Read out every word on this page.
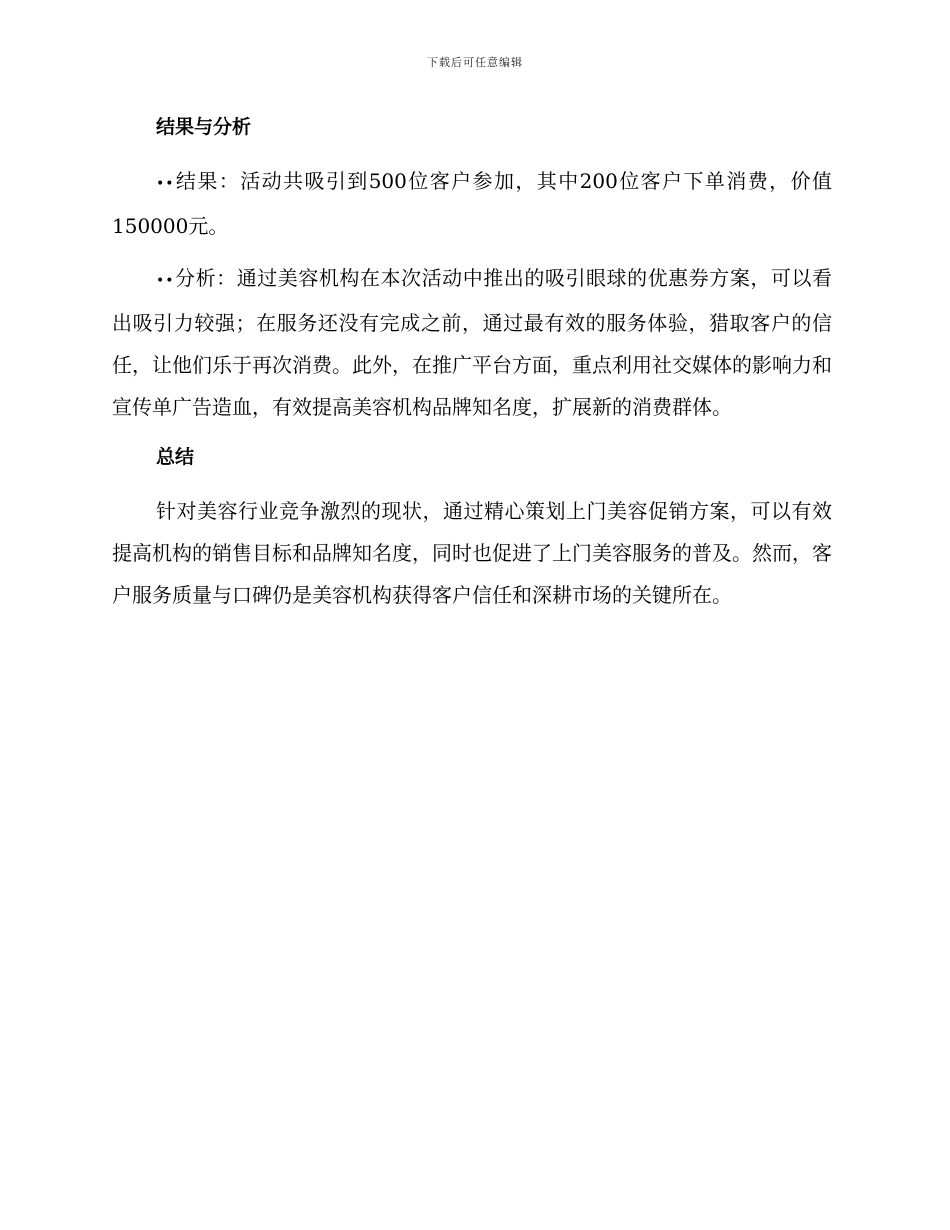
下载后可任意编辑
结果与分析

••结果：活动共吸引到500位客户参加，其中200位客户下单消费，价值150000元。

••分析：通过美容机构在本次活动中推出的吸引眼球的优惠券方案，可以看出吸引力较强；在服务还没有完成之前，通过最有效的服务体验，猎取客户的信任，让他们乐于再次消费。此外，在推广平台方面，重点利用社交媒体的影响力和宣传单广告造血，有效提高美容机构品牌知名度，扩展新的消费群体。

总结

针对美容行业竞争激烈的现状，通过精心策划上门美容促销方案，可以有效提高机构的销售目标和品牌知名度，同时也促进了上门美容服务的普及。然而，客户服务质量与口碑仍是美容机构获得客户信任和深耕市场的关键所在。
